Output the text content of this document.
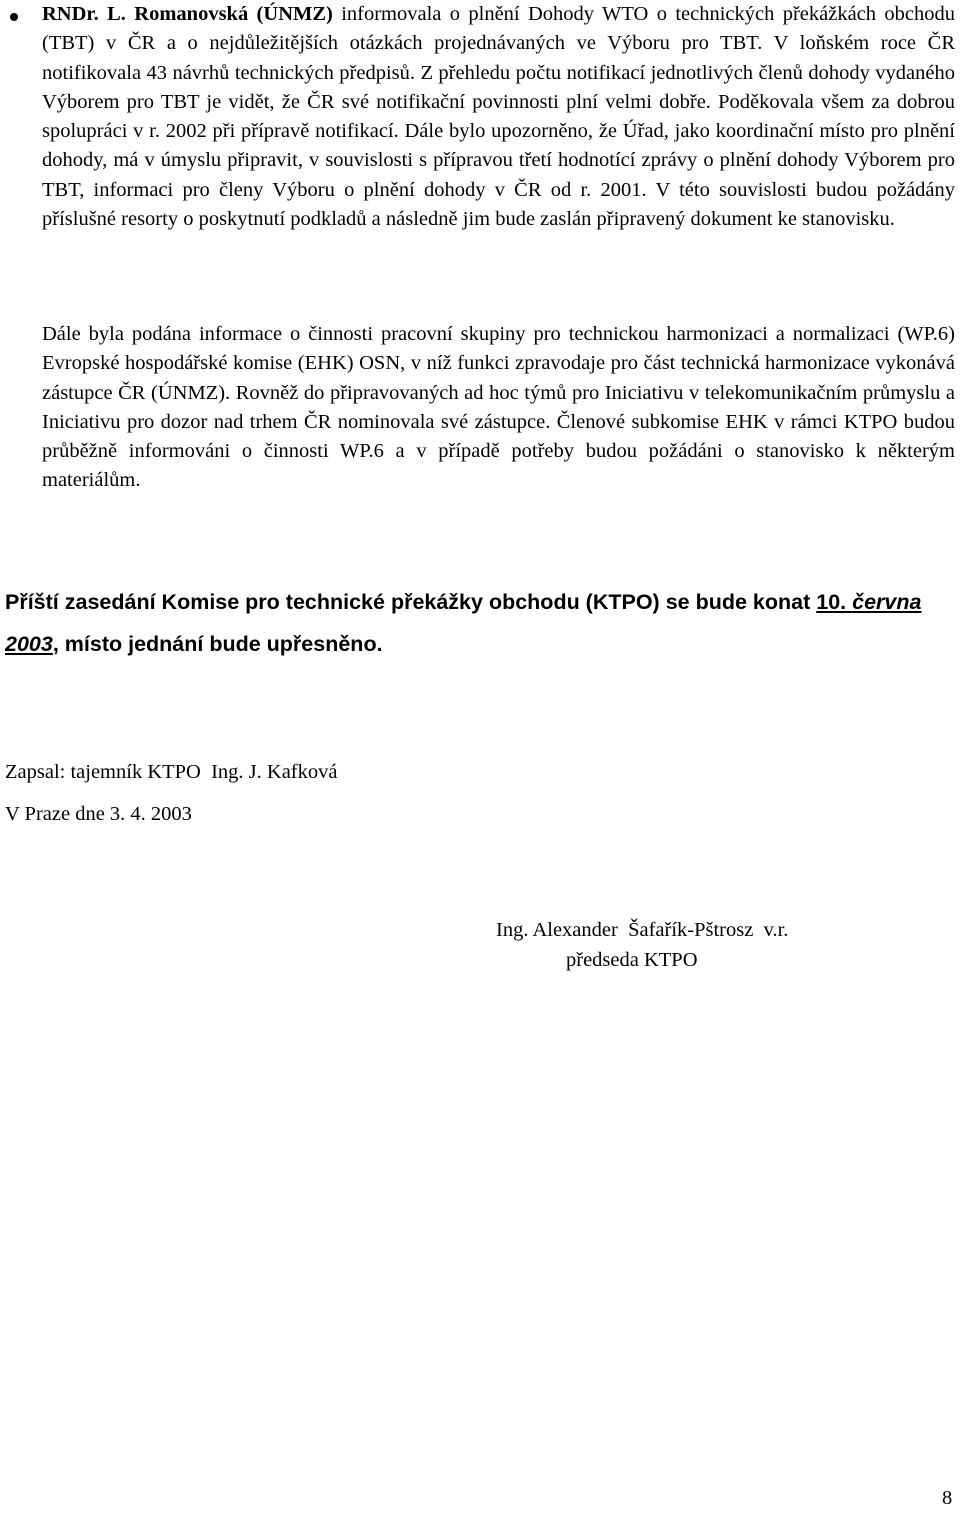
RNDr. L. Romanovská (ÚNMZ) informovala o plnění Dohody WTO o technických překážkách obchodu (TBT) v ČR a o nejdůležitějších otázkách projednávaných ve Výboru pro TBT. V loňském roce ČR notifikovala 43 návrhů technických předpisů. Z přehledu počtu notifikací jednotlivých členů dohody vydaného Výborem pro TBT je vidět, že ČR své notifikační povinnosti plní velmi dobře. Poděkovala všem za dobrou spolupráci v r. 2002 při přípravě notifikací. Dále bylo upozorněno, že Úřad, jako koordinační místo pro plnění dohody, má v úmyslu připravit, v souvislosti s přípravou třetí hodnotící zprávy o plnění dohody Výborem pro TBT, informaci pro členy Výboru o plnění dohody v ČR od r. 2001. V této souvislosti budou požádány příslušné resorty o poskytnutí podkladů a následně jim bude zaslán připravený dokument ke stanovisku.

Dále byla podána informace o činnosti pracovní skupiny pro technickou harmonizaci a normalizaci (WP.6) Evropské hospodářské komise (EHK) OSN, v níž funkci zpravodaje pro část technická harmonizace vykonává zástupce ČR (ÚNMZ). Rovněž do připravovaných ad hoc týmů pro Iniciativu v telekomunikačním průmyslu a Iniciativu pro dozor nad trhem ČR nominovala své zástupce. Členové subkomise EHK v rámci KTPO budou průběžně informováni o činnosti WP.6 a v případě potřeby budou požádáni o stanovisko k některým materiálům.

Příští zasedání Komise pro technické překážky obchodu (KTPO) se bude konat 10. června 2003, místo jednání bude upřesněno.

Zapsal: tajemník KTPO  Ing. J. Kafková
V Praze dne 3. 4. 2003
Ing. Alexander  Šafařík-Pštrosz  v.r.
předseda KTPO
8
